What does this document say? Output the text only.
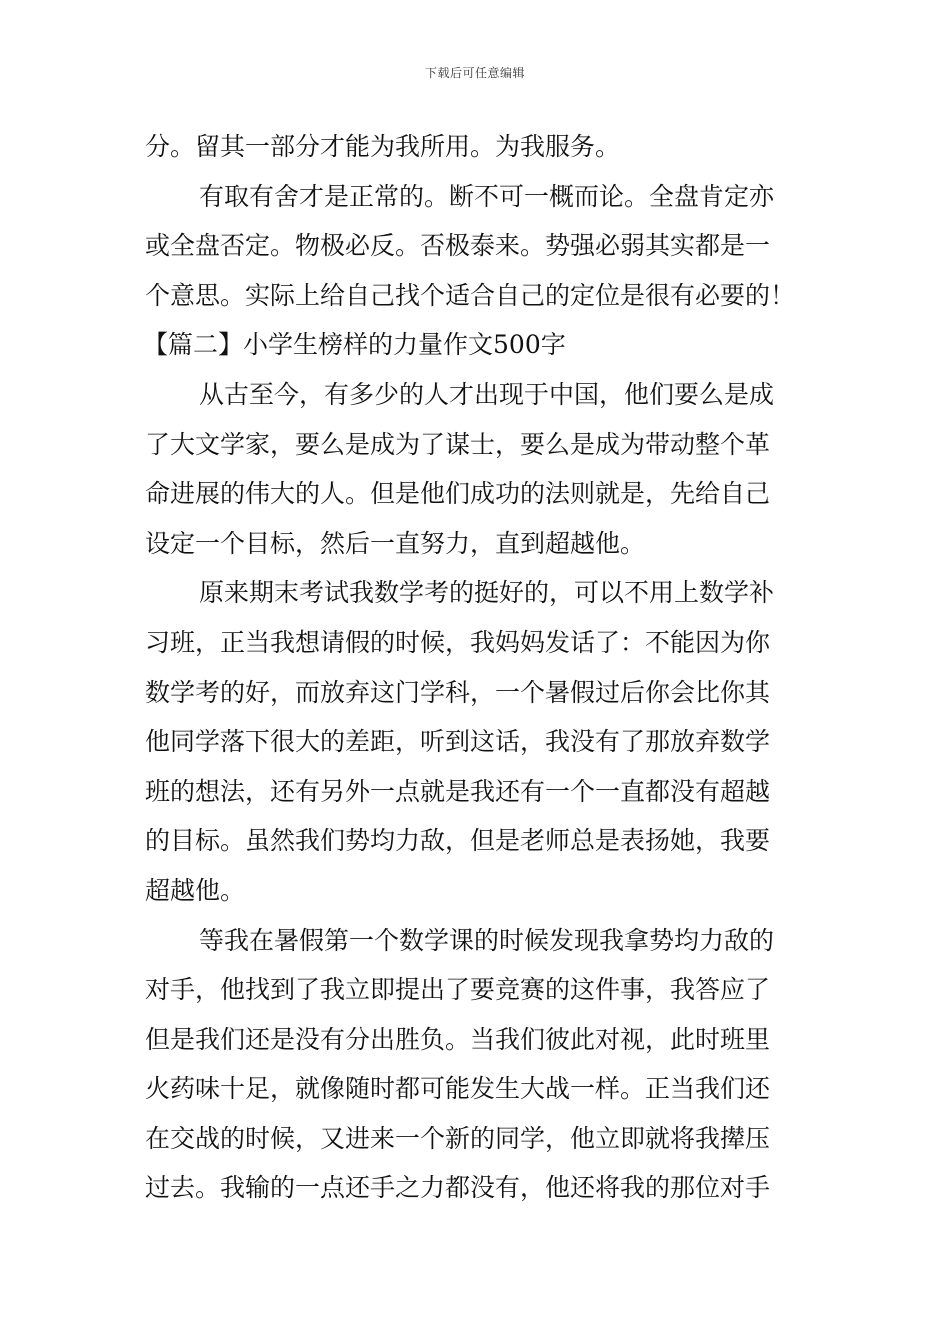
下载后可任意编辑
分。留其一部分才能为我所用。为我服务。
有取有舍才是正常的。断不可一概而论。全盘肯定亦
或全盘否定。物极必反。否极泰来。势强必弱其实都是一
个意思。实际上给自己找个适合自己的定位是很有必要的！
【篇二】小学生榜样的力量作文500字
从古至今，有多少的人才出现于中国，他们要么是成
了大文学家，要么是成为了谋士，要么是成为带动整个革
命进展的伟大的人。但是他们成功的法则就是，先给自己
设定一个目标，然后一直努力，直到超越他。
原来期末考试我数学考的挺好的，可以不用上数学补
习班，正当我想请假的时候，我妈妈发话了：不能因为你
数学考的好，而放弃这门学科，一个暑假过后你会比你其
他同学落下很大的差距，听到这话，我没有了那放弃数学
班的想法，还有另外一点就是我还有一个一直都没有超越
的目标。虽然我们势均力敌，但是老师总是表扬她，我要
超越他。
等我在暑假第一个数学课的时候发现我拿势均力敌的
对手，他找到了我立即提出了要竞赛的这件事，我答应了
但是我们还是没有分出胜负。当我们彼此对视，此时班里
火药味十足，就像随时都可能发生大战一样。正当我们还
在交战的时候，又进来一个新的同学，他立即就将我撵压
过去。我输的一点还手之力都没有，他还将我的那位对手
